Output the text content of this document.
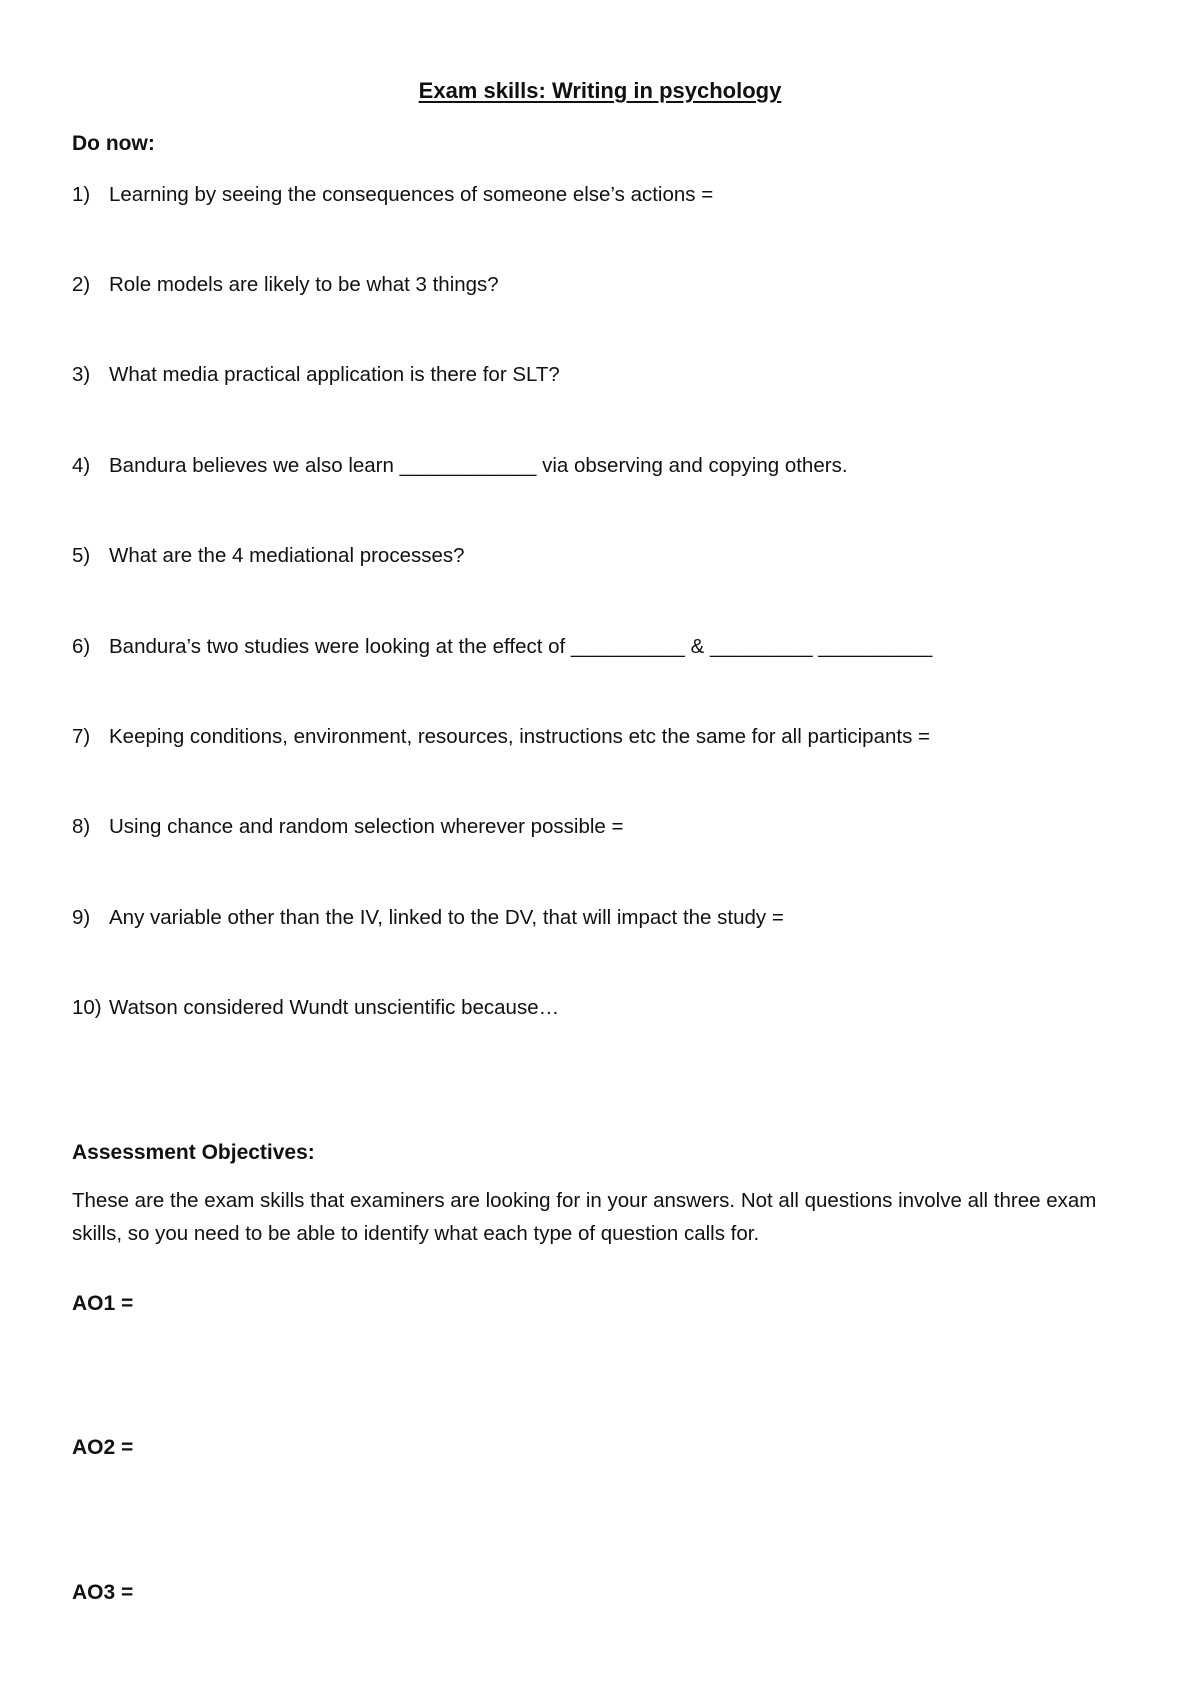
Exam skills: Writing in psychology
Do now:
1) Learning by seeing the consequences of someone else’s actions =
2) Role models are likely to be what 3 things?
3) What media practical application is there for SLT?
4) Bandura believes we also learn ____________ via observing and copying others.
5) What are the 4 mediational processes?
6) Bandura’s two studies were looking at the effect of __________ & _________ __________
7) Keeping conditions, environment, resources, instructions etc the same for all participants =
8) Using chance and random selection wherever possible =
9) Any variable other than the IV, linked to the DV, that will impact the study =
10) Watson considered Wundt unscientific because…
Assessment Objectives:
These are the exam skills that examiners are looking for in your answers. Not all questions involve all three exam skills, so you need to be able to identify what each type of question calls for.
AO1 =
AO2 =
AO3 =
